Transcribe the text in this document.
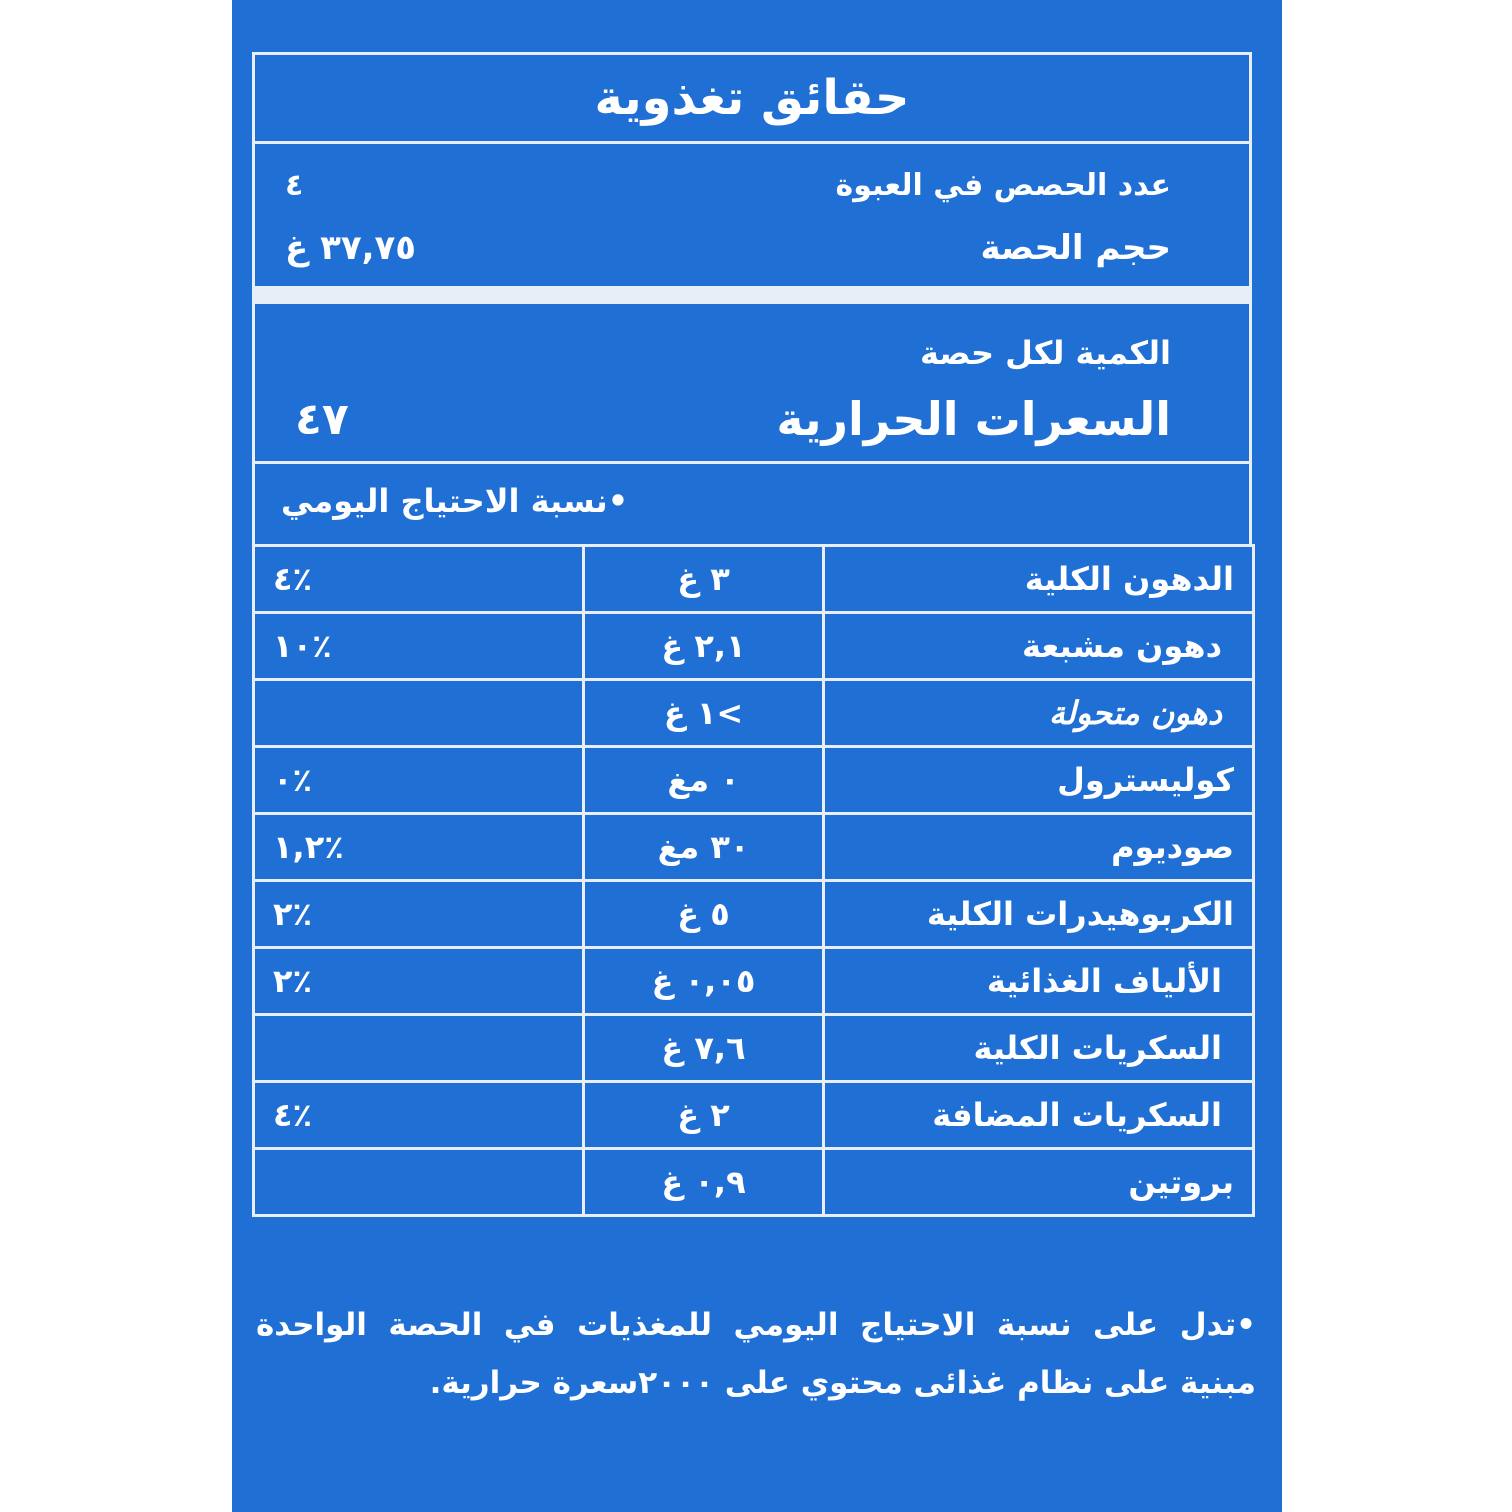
حقائق تغذوية
عدد الحصص في العبوة
٤
حجم الحصة
٣٧,٧٥ غ
الكمية لكل حصة
السعرات الحرارية
٤٧
•نسبة الاحتياج اليومي
الدهون الكلية	٣ غ	٪٤
دهون مشبعة	٢,١ غ	٪١٠
دهون متحولة	>١ غ	
كوليسترول	٠ مغ	٪٠
صوديوم	٣٠ مغ	٪١,٢
الكربوهيدرات الكلية	٥ غ	٪٢
الألياف الغذائية	٠,٠٥ غ	٪٢
السكريات الكلية	٧,٦ غ	
السكريات المضافة	٢ غ	٪٤
بروتين	٠,٩ غ	
•تدل على نسبة الاحتياج اليومي للمغذيات في الحصة الواحدة مبنية على نظام غذائى محتوي على ٢٠٠٠سعرة حرارية.
